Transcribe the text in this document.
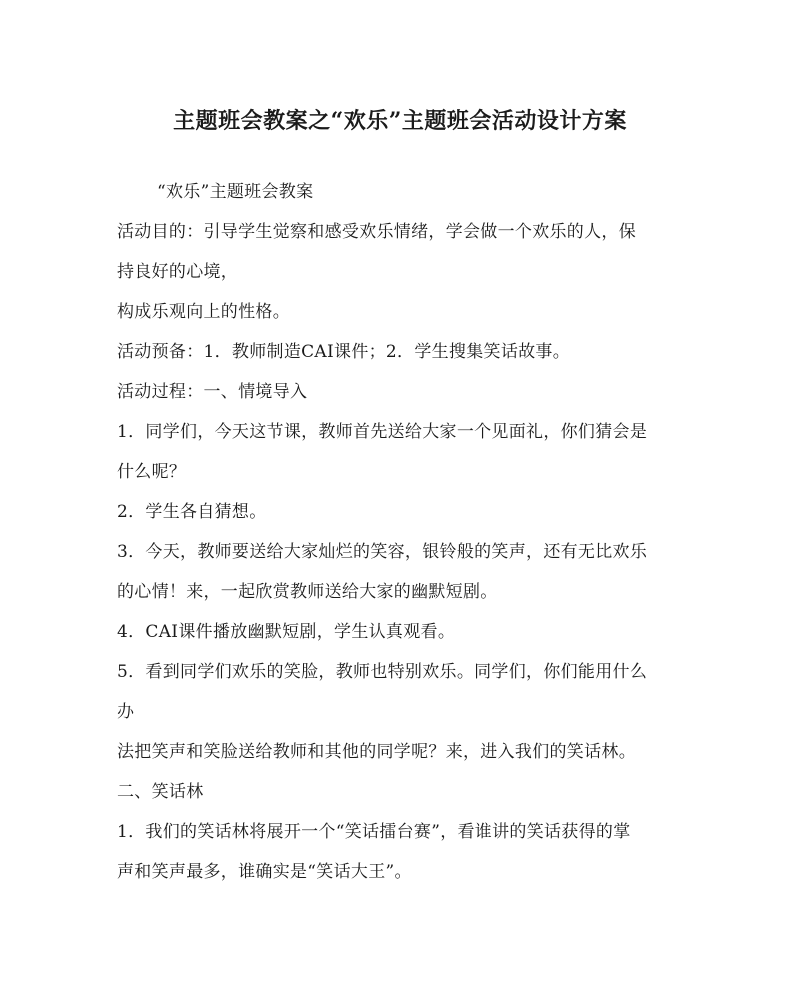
主题班会教案之“欢乐”主题班会活动设计方案
“欢乐”主题班会教案
活动目的：引导学生觉察和感受欢乐情绪，学会做一个欢乐的人，保
持良好的心境，
构成乐观向上的性格。
活动预备：1．教师制造CAI课件；2．学生搜集笑话故事。
活动过程：一、情境导入
1．同学们，今天这节课，教师首先送给大家一个见面礼，你们猜会是
什么呢？
2．学生各自猜想。
3．今天，教师要送给大家灿烂的笑容，银铃般的笑声，还有无比欢乐
的心情！来，一起欣赏教师送给大家的幽默短剧。
4．CAI课件播放幽默短剧，学生认真观看。
5．看到同学们欢乐的笑脸，教师也特别欢乐。同学们，你们能用什么
办
法把笑声和笑脸送给教师和其他的同学呢？来，进入我们的笑话林。
二、笑话林
1．我们的笑话林将展开一个“笑话擂台赛”，看谁讲的笑话获得的掌
声和笑声最多，谁确实是“笑话大王”。
